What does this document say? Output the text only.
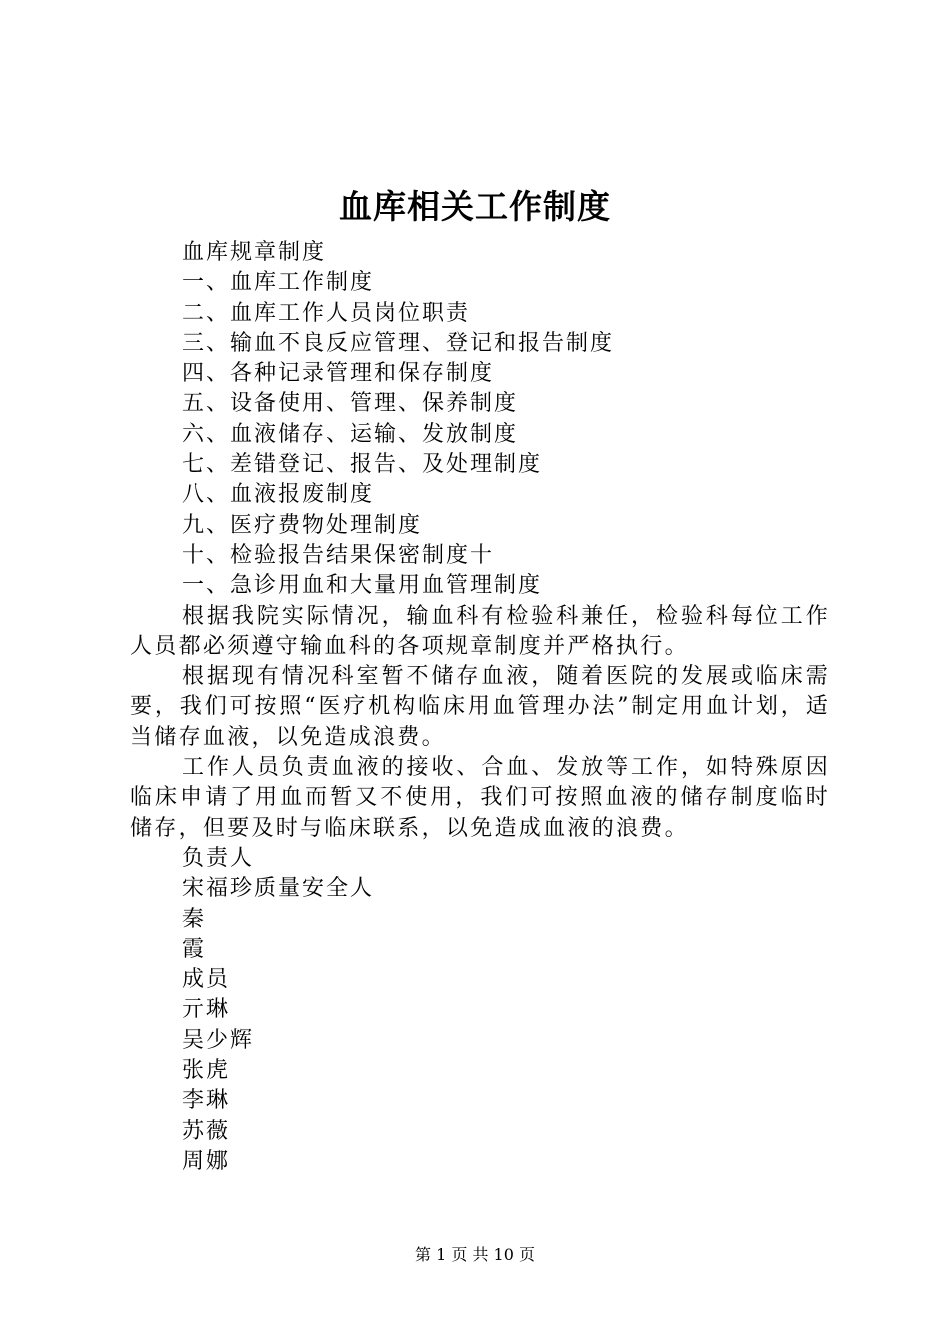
血库相关工作制度
血库规章制度
一、血库工作制度
二、血库工作人员岗位职责
三、输血不良反应管理、登记和报告制度
四、各种记录管理和保存制度
五、设备使用、管理、保养制度
六、血液储存、运输、发放制度
七、差错登记、报告、及处理制度
八、血液报废制度
九、医疗费物处理制度
十、检验报告结果保密制度十
一、急诊用血和大量用血管理制度
根据我院实际情况，输血科有检验科兼任，检验科每位工作人员都必须遵守输血科的各项规章制度并严格执行。
根据现有情况科室暂不储存血液，随着医院的发展或临床需要，我们可按照“医疗机构临床用血管理办法”制定用血计划，适当储存血液，以免造成浪费。
工作人员负责血液的接收、合血、发放等工作，如特殊原因临床申请了用血而暂又不使用，我们可按照血液的储存制度临时储存，但要及时与临床联系，以免造成血液的浪费。
负责人
宋福珍质量安全人
秦
霞
成员
亓琳
吴少辉
张虎
李琳
苏薇
周娜
第 1 页 共 10 页
